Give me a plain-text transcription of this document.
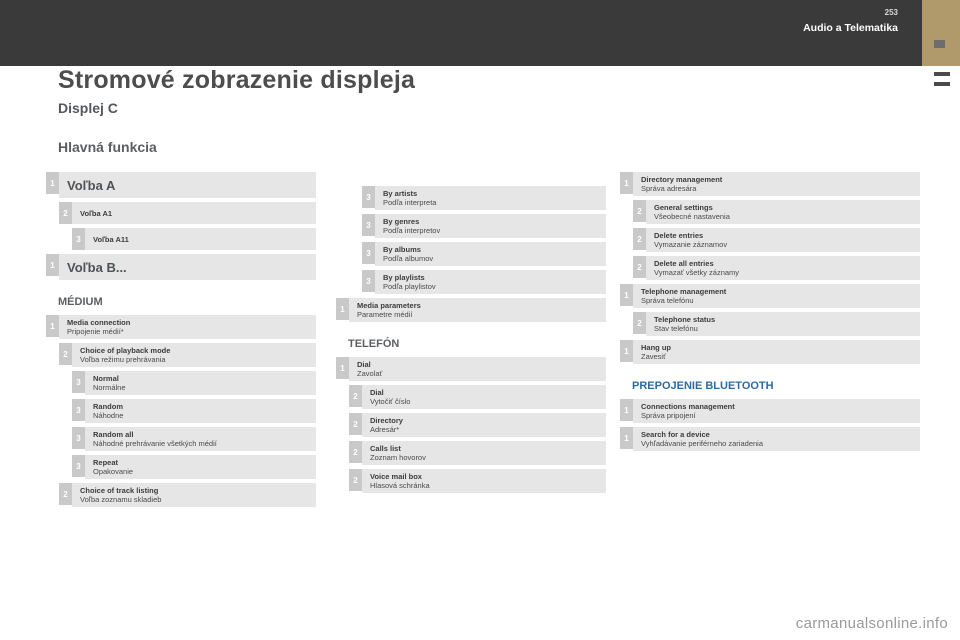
253
Audio a Telematika
Stromové zobrazenie displeja
Displej C
Hlavná funkcia
1 Voľba A
2	Voľba A1
3	Voľba A11
1 Voľba B...
MÉDIUM
1	Media connection
Pripojenie médií*
2	Choice of playback mode
Voľba režimu prehrávania
3	Normal
Normálne
3	Random
Náhodne
3	Random all
Náhodné prehrávanie všetkých médií
3	Repeat
Opakovanie
2	Choice of track listing
Voľba zoznamu skladieb
3	By artists
Podľa interpreta
3	By genres
Podľa interpretov
3	By albums
Podľa albumov
3	By playlists
Podľa playlistov
1	Media parameters
Parametre médií
TELEFÓN
1	Dial
Zavolať
2	Dial
Vytočiť číslo
2	Directory
Adresár*
2	Calls list
Zoznam hovorov
2	Voice mail box
Hlasová schránka
1	Directory management
Správa adresára
2	General settings
Všeobecné nastavenia
2	Delete entries
Vymazanie záznamov
2	Delete all entries
Vymazať všetky záznamy
1	Telephone management
Správa telefónu
2	Telephone status
Stav telefónu
1	Hang up
Zavesiť
PREPOJENIE BLUETOOTH
1	Connections management
Správa pripojení
1	Search for a device
Vyhľadávanie periférneho zariadenia
carmanualsonline.info
